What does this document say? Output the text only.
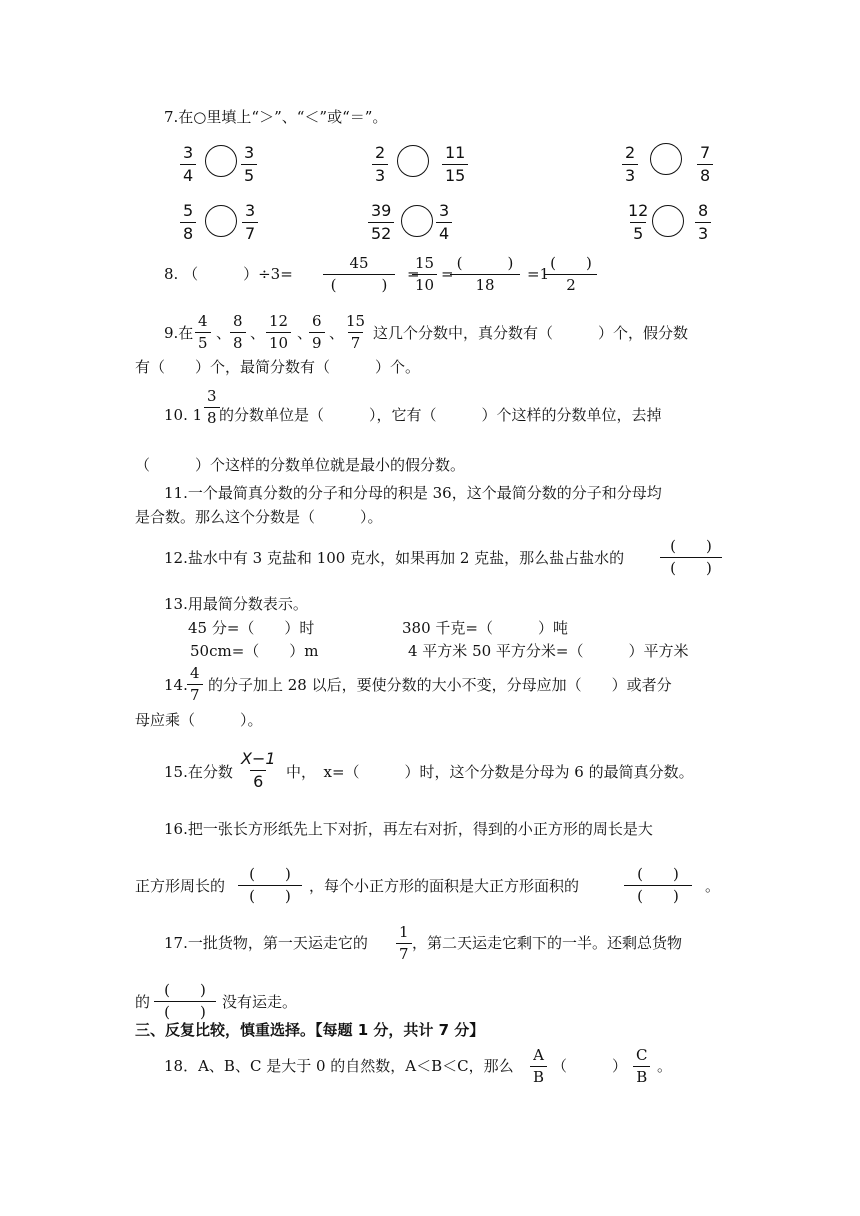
7.在○里填上“＞”、“＜”或“＝”。
$\frac{3}{4}$	$\frac{3}{5}$	$\frac{2}{3}$	$\frac{11}{15}$	$\frac{2}{3}$	$\frac{7}{8}$
$\frac{5}{8}$	$\frac{3}{7}$	$\frac{39}{52}$	$\frac{3}{4}$	$\frac{12}{5}$	$\frac{8}{3}$
8. （　　　）÷3=
45
(　　　)
=
$\frac{15}{10}$ =
(　　　)
18
=1
(　　)
2
9.在 $\frac{4}{5}$ 、
$\frac{8}{8}$ 、 $\frac{12}{10}$ 、
$\frac{6}{9}$ 、
$\frac{15}{7}$ 这几个分数中，真分数有（　　　）个，假分数
有（　　）个，最简分数有（　　　）个。
10. $1 \frac{3}{8}$ 的分数单位是（　　　），它有（　　　）个这样的分数单位，去掉
（　　　）个这样的分数单位就是最小的假分数。
11.一个最简真分数的分子和分母的积是 36，这个最简分数的分子和分母均
是合数。那么这个分数是（　　　）。
12.盐水中有 3 克盐和 100 克水，如果再加 2 克盐，那么盐占盐水的
(　　)
(　　)
13.用最简分数表示。
45 分=（　　）时	380 千克=（　　　）吨
50cm=（　　）m	4 平方米 50 平方分米=（　　　）平方米
14. $\frac{4}{7}$ 的分子加上 28 以后，要使分数的大小不变，分母应加（　　）或者分
母应乘（　　　）。
15.在分数 $\frac{X-1}{6}$ 中，　x=（　　　）时，这个分数是分母为 6 的最简真分数。
16.把一张长方形纸先上下对折，再左右对折，得到的小正方形的周长是大
正方形周长的
(　　)
(　　)
，每个小正方形的面积是大正方形面积的
(　　)
(　　)
。
17.一批货物，第一天运走它的 $\frac{1}{7}$ ，第二天运走它剩下的一半。还剩总货物
的
(　　)
(　　)
没有运走。
三、反复比较，慎重选择。【每题 1 分，共计 7 分】
18．A、B、C 是大于 0 的自然数，A＜B＜C，那么 $\frac{A}{B}$ （　　　） $\frac{C}{B}$ 。
